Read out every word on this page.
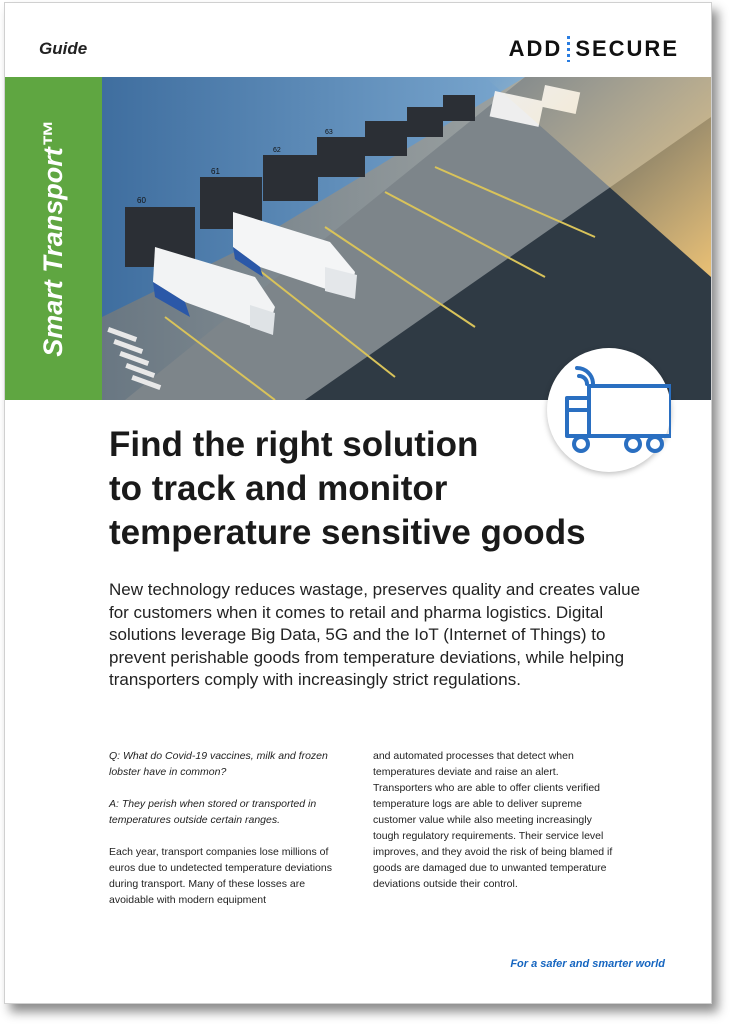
Guide	ADD SECURE
60
61
62
63
Smart Transport™
Find the right solution
to track and monitor
temperature sensitive goods

New technology reduces wastage, preserves quality and creates value for customers when it comes to retail and pharma logistics. Digital solutions leverage Big Data, 5G and the IoT (Internet of Things) to prevent perishable goods from temperature deviations, while helping transporters comply with increasingly strict regulations.

Q: What do Covid-19 vaccines, milk and frozen lobster have in common?

A: They perish when stored or transported in temperatures outside certain ranges.

Each year, transport companies lose millions of euros due to undetected temperature deviations during transport. Many of these losses are avoidable with modern equipment

and automated processes that detect when temperatures deviate and raise an alert. Transporters who are able to offer clients verified temperature logs are able to deliver supreme customer value while also meeting increasingly tough regulatory requirements. Their service level improves, and they avoid the risk of being blamed if goods are damaged due to unwanted temperature deviations outside their control.

For a safer and smarter world
